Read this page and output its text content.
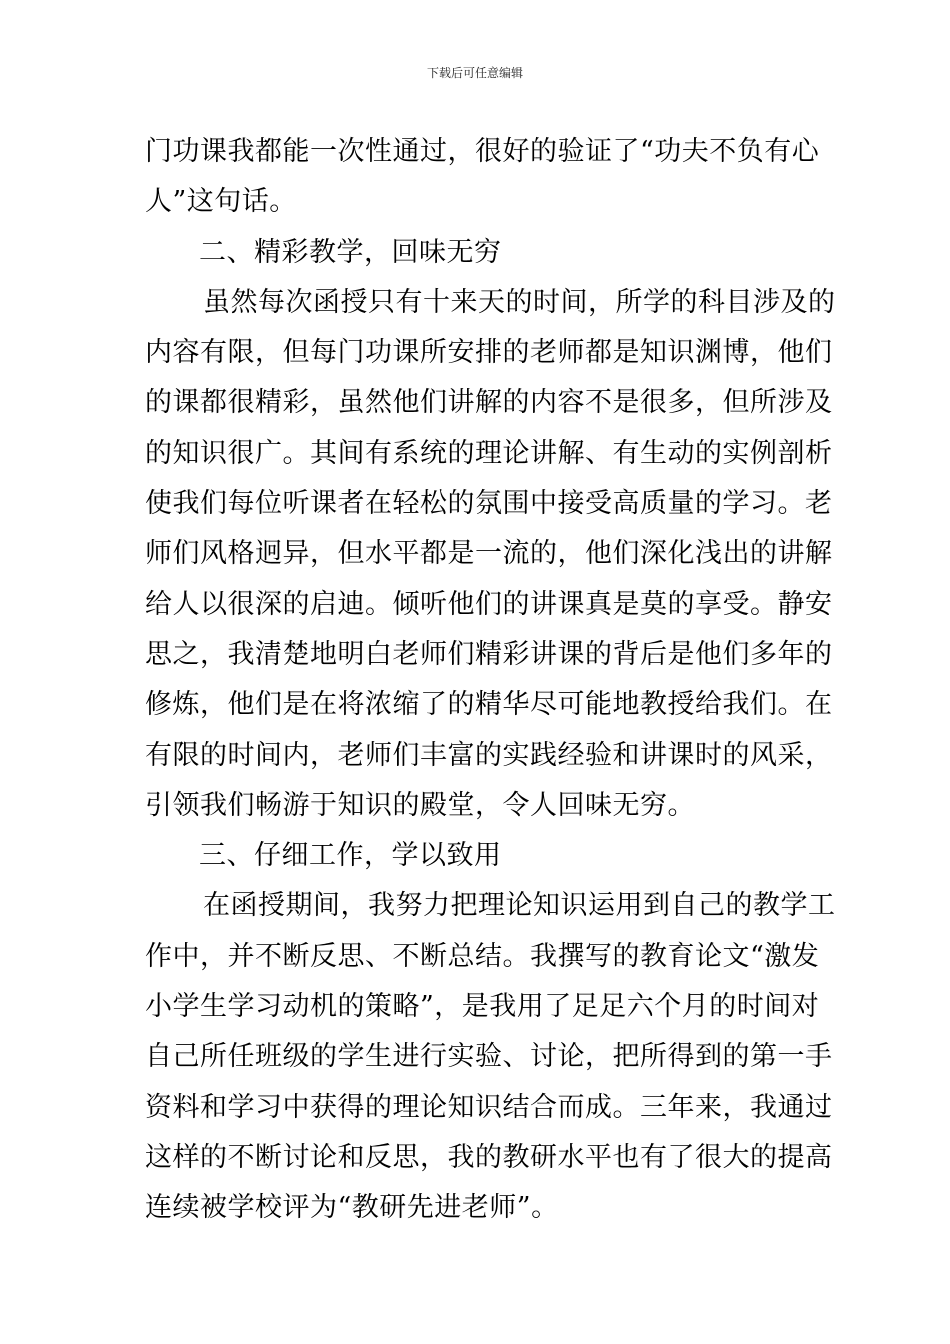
下载后可任意编辑
门功课我都能一次性通过，很好的验证了“功夫不负有心
人”这句话。
二、精彩教学，回味无穷
虽然每次函授只有十来天的时间，所学的科目涉及的
内容有限，但每门功课所安排的老师都是知识渊博，他们
的课都很精彩，虽然他们讲解的内容不是很多，但所涉及
的知识很广。其间有系统的理论讲解、有生动的实例剖析
使我们每位听课者在轻松的氛围中接受高质量的学习。老
师们风格迥异，但水平都是一流的，他们深化浅出的讲解
给人以很深的启迪。倾听他们的讲课真是莫的享受。静安
思之，我清楚地明白老师们精彩讲课的背后是他们多年的
修炼，他们是在将浓缩了的精华尽可能地教授给我们。在
有限的时间内，老师们丰富的实践经验和讲课时的风采，
引领我们畅游于知识的殿堂，令人回味无穷。
三、仔细工作，学以致用
在函授期间，我努力把理论知识运用到自己的教学工
作中，并不断反思、不断总结。我撰写的教育论文“激发
小学生学习动机的策略”，是我用了足足六个月的时间对
自己所任班级的学生进行实验、讨论，把所得到的第一手
资料和学习中获得的理论知识结合而成。三年来，我通过
这样的不断讨论和反思，我的教研水平也有了很大的提高
连续被学校评为“教研先进老师”。
